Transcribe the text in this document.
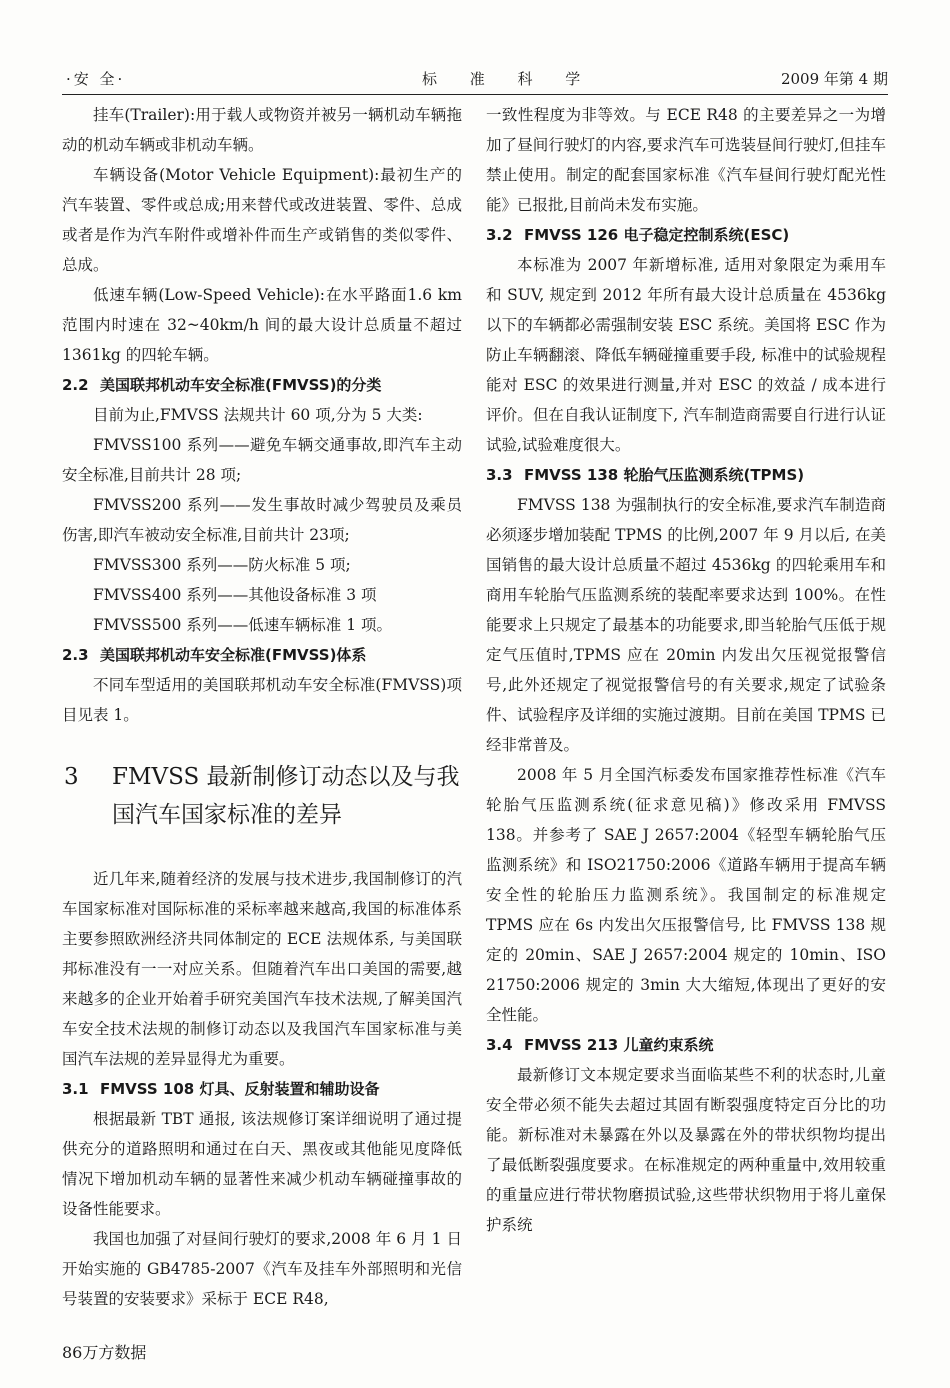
·安 全·	标 准 科 学	2009 年第 4 期

挂车(Trailer):用于载人或物资并被另一辆机动车辆拖动的机动车辆或非机动车辆。

车辆设备(Motor Vehicle Equipment):最初生产的汽车装置、零件或总成;用来替代或改进装置、零件、总成或者是作为汽车附件或增补件而生产或销售的类似零件、总成。

低速车辆(Low-Speed Vehicle):在水平路面1.6 km 范围内时速在 32~40km/h 间的最大设计总质量不超过 1361kg 的四轮车辆。

2.2 美国联邦机动车安全标准(FMVSS)的分类

目前为止,FMVSS 法规共计 60 项,分为 5 大类:

FMVSS100 系列——避免车辆交通事故,即汽车主动安全标准,目前共计 28 项;

FMVSS200 系列——发生事故时减少驾驶员及乘员伤害,即汽车被动安全标准,目前共计 23项;

FMVSS300 系列——防火标准 5 项;

FMVSS400 系列——其他设备标准 3 项

FMVSS500 系列——低速车辆标准 1 项。

2.3 美国联邦机动车安全标准(FMVSS)体系

不同车型适用的美国联邦机动车安全标准(FMVSS)项目见表 1。

3 FMVSS 最新制修订动态以及与我国汽车国家标准的差异

近几年来,随着经济的发展与技术进步,我国制修订的汽车国家标准对国际标准的采标率越来越高,我国的标准体系主要参照欧洲经济共同体制定的 ECE 法规体系, 与美国联邦标准没有一一对应关系。但随着汽车出口美国的需要,越来越多的企业开始着手研究美国汽车技术法规,了解美国汽车安全技术法规的制修订动态以及我国汽车国家标准与美国汽车法规的差异显得尤为重要。

3.1 FMVSS 108 灯具、反射装置和辅助设备

根据最新 TBT 通报, 该法规修订案详细说明了通过提供充分的道路照明和通过在白天、黑夜或其他能见度降低情况下增加机动车辆的显著性来减少机动车辆碰撞事故的设备性能要求。

我国也加强了对昼间行驶灯的要求,2008 年 6 月 1 日开始实施的 GB4785-2007《汽车及挂车外部照明和光信号装置的安装要求》采标于 ECE R48,

一致性程度为非等效。与 ECE R48 的主要差异之一为增加了昼间行驶灯的内容,要求汽车可选装昼间行驶灯,但挂车禁止使用。制定的配套国家标准《汽车昼间行驶灯配光性能》已报批,目前尚未发布实施。

3.2 FMVSS 126 电子稳定控制系统(ESC)

本标准为 2007 年新增标准, 适用对象限定为乘用车和 SUV, 规定到 2012 年所有最大设计总质量在 4536kg 以下的车辆都必需强制安装 ESC 系统。美国将 ESC 作为防止车辆翻滚、降低车辆碰撞重要手段, 标准中的试验规程能对 ESC 的效果进行测量,并对 ESC 的效益 / 成本进行评价。但在自我认证制度下, 汽车制造商需要自行进行认证试验,试验难度很大。

3.3 FMVSS 138 轮胎气压监测系统(TPMS)

FMVSS 138 为强制执行的安全标准,要求汽车制造商必须逐步增加装配 TPMS 的比例,2007 年 9 月以后, 在美国销售的最大设计总质量不超过 4536kg 的四轮乘用车和商用车轮胎气压监测系统的装配率要求达到 100%。在性能要求上只规定了最基本的功能要求,即当轮胎气压低于规定气压值时,TPMS 应在 20min 内发出欠压视觉报警信号,此外还规定了视觉报警信号的有关要求,规定了试验条件、试验程序及详细的实施过渡期。目前在美国 TPMS 已经非常普及。

2008 年 5 月全国汽标委发布国家推荐性标准《汽车轮胎气压监测系统(征求意见稿)》修改采用 FMVSS 138。并参考了 SAE J 2657:2004《轻型车辆轮胎气压监测系统》和 ISO21750:2006《道路车辆用于提高车辆安全性的轮胎压力监测系统》。我国制定的标准规定 TPMS 应在 6s 内发出欠压报警信号, 比 FMVSS 138 规定的 20min、SAE J 2657:2004 规定的 10min、ISO 21750:2006 规定的 3min 大大缩短,体现出了更好的安全性能。

3.4 FMVSS 213 儿童约束系统

最新修订文本规定要求当面临某些不利的状态时,儿童安全带必须不能失去超过其固有断裂强度特定百分比的功能。新标准对未暴露在外以及暴露在外的带状织物均提出了最低断裂强度要求。在标准规定的两种重量中,效用较重的重量应进行带状物磨损试验,这些带状织物用于将儿童保护系统

86万方数据
